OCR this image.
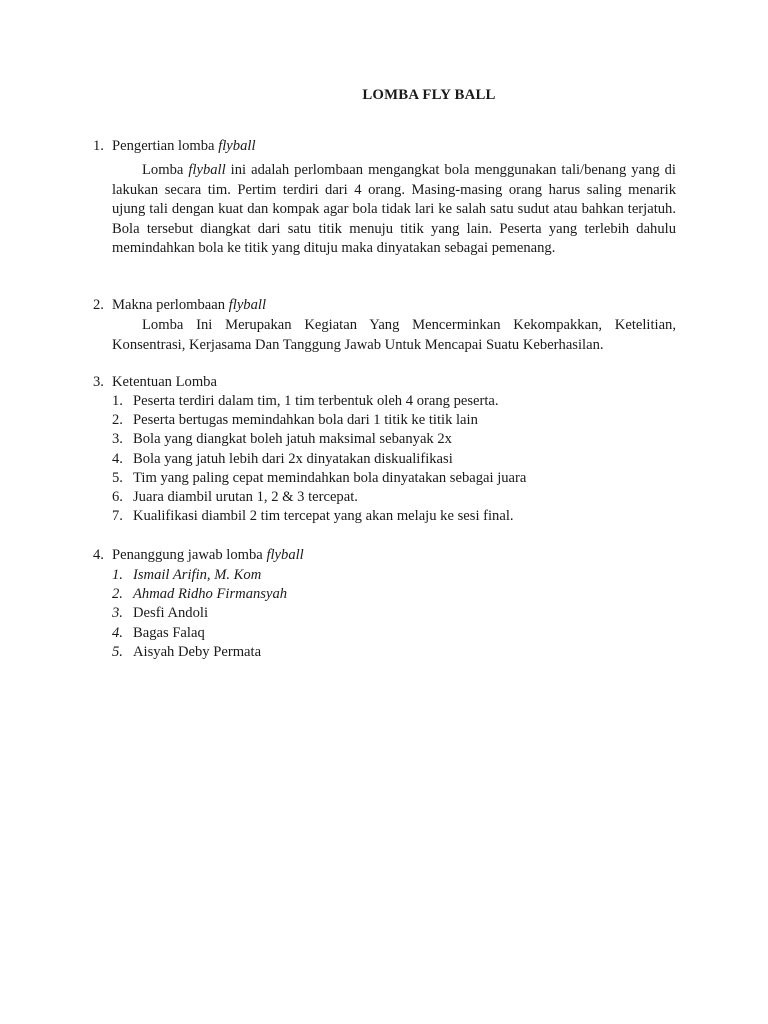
LOMBA FLY BALL
1. Pengertian lomba flyball
Lomba flyball ini adalah perlombaan mengangkat bola menggunakan tali/benang yang di lakukan secara tim. Pertim terdiri dari 4 orang. Masing-masing orang harus saling menarik ujung tali dengan kuat dan kompak agar bola tidak lari ke salah satu sudut atau bahkan terjatuh. Bola tersebut diangkat dari satu titik menuju titik yang lain. Peserta yang terlebih dahulu memindahkan bola ke titik yang dituju maka dinyatakan sebagai pemenang.
2. Makna perlombaan flyball
Lomba Ini Merupakan Kegiatan Yang Mencerminkan Kekompakkan, Ketelitian, Konsentrasi, Kerjasama Dan Tanggung Jawab Untuk Mencapai Suatu Keberhasilan.
3. Ketentuan Lomba
1. Peserta terdiri dalam tim, 1 tim terbentuk oleh 4 orang peserta.
2. Peserta bertugas memindahkan bola dari 1 titik ke titik lain
3. Bola yang diangkat boleh jatuh maksimal sebanyak 2x
4. Bola yang jatuh lebih dari 2x dinyatakan diskualifikasi
5. Tim yang paling cepat memindahkan bola dinyatakan sebagai juara
6. Juara diambil urutan 1, 2 & 3 tercepat.
7. Kualifikasi diambil 2 tim tercepat yang akan melaju ke sesi final.
4. Penanggung jawab lomba flyball
1. Ismail Arifin, M. Kom
2. Ahmad Ridho Firmansyah
3. Desfi Andoli
4. Bagas Falaq
5. Aisyah Deby Permata
